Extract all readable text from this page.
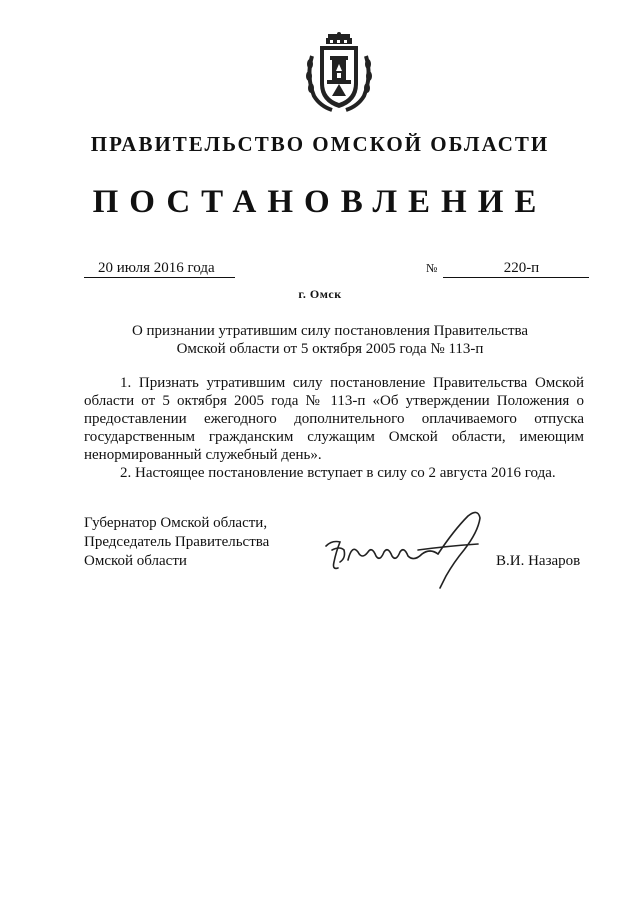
ПРАВИТЕЛЬСТВО ОМСКОЙ ОБЛАСТИ
ПОСТАНОВЛЕНИЕ
20 июля 2016 года	№	220-п
г. Омск
О признании утратившим силу постановления Правительства
Омской области от 5 октября 2005 года № 113-п

1. Признать утратившим силу постановление Правительства Омской области от 5 октября 2005 года № 113-п «Об утверждении Положения о предоставлении ежегодного дополнительного оплачиваемого отпуска государственным гражданским служащим Омской области, имеющим ненормированный служебный день».

2. Настоящее постановление вступает в силу со 2 августа 2016 года.

Губернатор Омской области,
Председатель Правительства
Омской области	В.И. Назаров
